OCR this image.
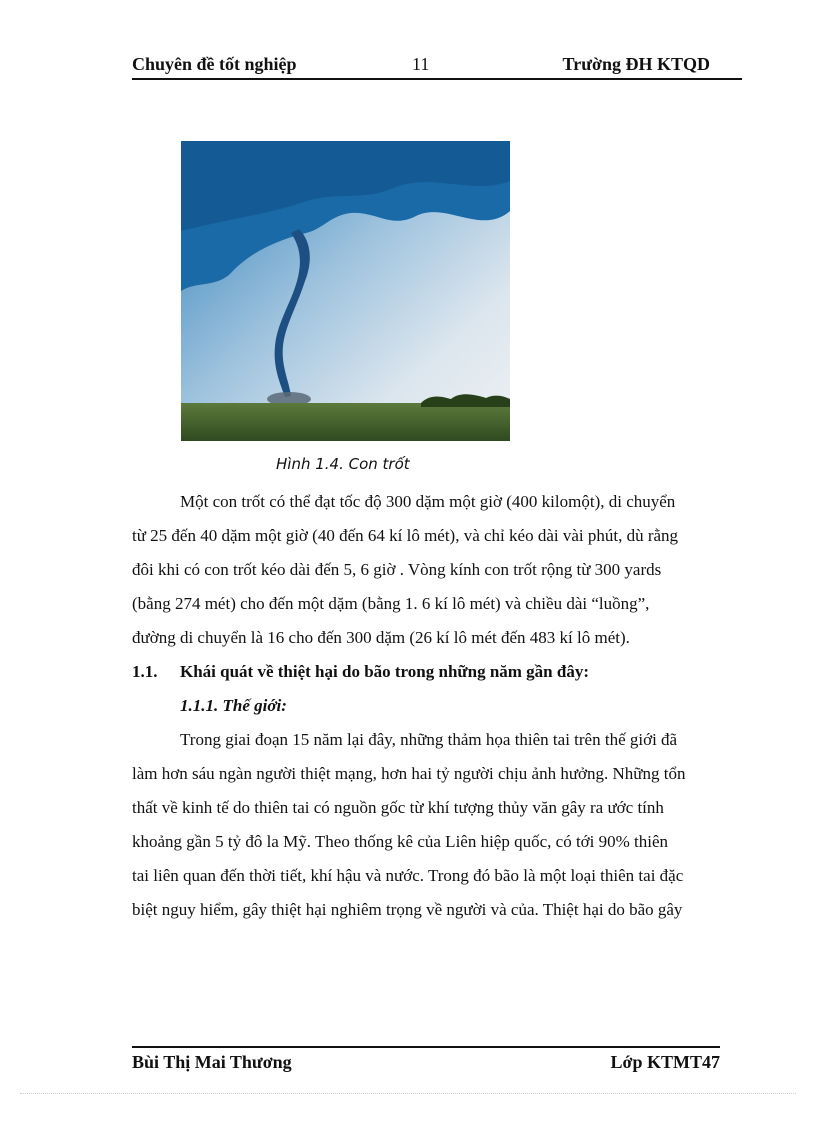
Chuyên đề tốt nghiệp	11	Trường ĐH KTQD
Hình 1.4. Con trốt

Một con trốt có thể đạt tốc độ 300 dặm một giờ (400 kilomột), di chuyển
từ 25 đến 40 dặm một giờ (40 đến 64 kí lô mét), và chỉ kéo dài vài phút, dù rằng
đôi khi có con trốt kéo dài đến 5, 6 giờ . Vòng kính con trốt rộng từ 300 yards
(bằng 274 mét) cho đến một dặm (bằng 1. 6 kí lô mét) và chiều dài “luồng”,
đường di chuyển là 16 cho đến 300 dặm (26 kí lô mét đến 483 kí lô mét).

1.1. Khái quát về thiệt hại do bão trong những năm gần đây:

1.1.1. Thế giới:

Trong giai đoạn 15 năm lại đây, những thảm họa thiên tai trên thế giới đã
làm hơn sáu ngàn người thiệt mạng, hơn hai tỷ người chịu ảnh hưởng. Những tổn
thất về kinh tế do thiên tai có nguồn gốc từ khí tượng thủy văn gây ra ước tính
khoảng gần 5 tỷ đô la Mỹ. Theo thống kê của Liên hiệp quốc, có tới 90% thiên
tai liên quan đến thời tiết, khí hậu và nước. Trong đó bão là một loại thiên tai đặc
biệt nguy hiểm, gây thiệt hại nghiêm trọng về người và của. Thiệt hại do bão gây

Bùi Thị Mai Thương	Lớp KTMT47
